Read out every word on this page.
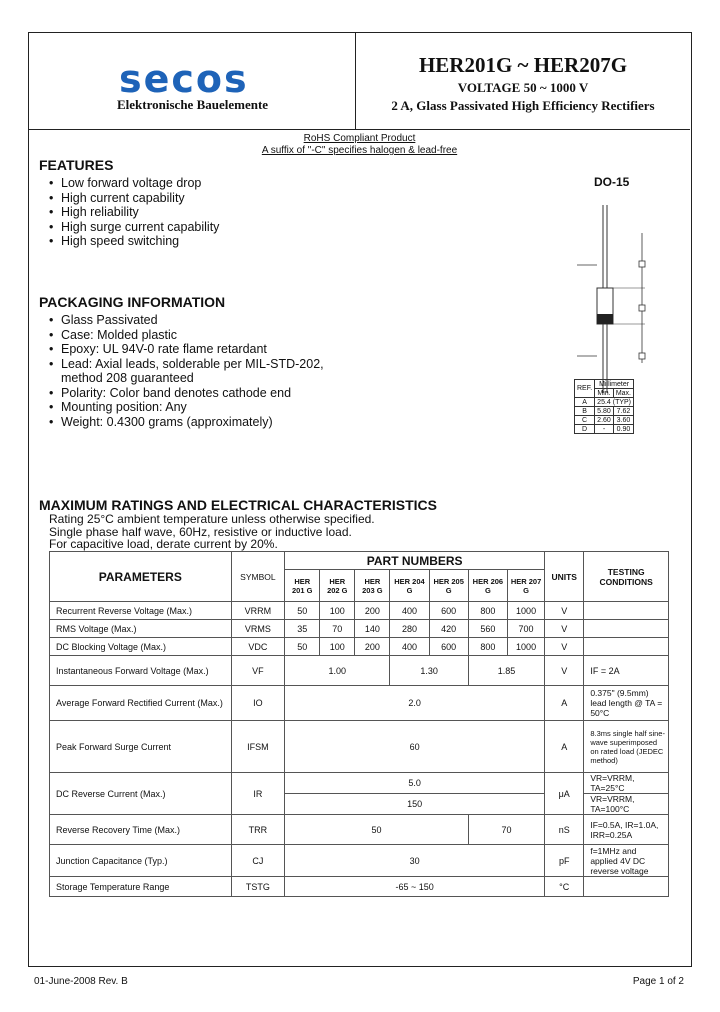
secos
Elektronische Bauelemente
HER201G ~ HER207G
VOLTAGE 50 ~ 1000 V
2 A, Glass Passivated High Efficiency Rectifiers
RoHS Compliant Product
A suffix of "-C" specifies halogen & lead-free
FEATURES
• Low forward voltage drop
• High current capability
• High reliability
• High surge current capability
• High speed switching
PACKAGING INFORMATION
• Glass Passivated
• Case: Molded plastic
• Epoxy: UL 94V-0 rate flame retardant
• Lead: Axial leads, solderable per MIL-STD-202,
method 208 guaranteed
• Polarity: Color band denotes cathode end
• Mounting position: Any
• Weight: 0.4300 grams (approximately)
DO-15
REF.	Millimeter	
	Min.	Max.
A	25.4 (TYP)	
B	5.80	7.62
C	2.60	3.60
D	-	0.90
MAXIMUM RATINGS AND ELECTRICAL CHARACTERISTICS
Rating 25°C ambient temperature unless otherwise specified.
Single phase half wave, 60Hz, resistive or inductive load.
For capacitive load, derate current by 20%.
PARAMETERS	SYMBOL	PART NUMBERS							UNITS	TESTING CONDITIONS
		HER 201 G	HER 202 G	HER 203 G	HER 204 G	HER 205 G	HER 206 G	HER 207 G		
Recurrent Reverse Voltage (Max.)	VRRM	50	100	200	400	600	800	1000	V	
RMS Voltage (Max.)	VRMS	35	70	140	280	420	560	700	V	
DC Blocking Voltage (Max.)	VDC	50	100	200	400	600	800	1000	V	
Instantaneous Forward Voltage (Max.)	VF	1.00			1.30		1.85		V	IF = 2A
Average Forward Rectified Current (Max.)	IO	2.0							A	0.375" (9.5mm) lead length @ TA = 50°C
Peak Forward Surge Current	IFSM	60							A	8.3ms single half sine-wave superimposed on rated load (JEDEC method)
DC Reverse Current (Max.)	IR	5.0							μA	VR=VRRM, TA=25°C
		150								VR=VRRM, TA=100°C
Reverse Recovery Time (Max.)	TRR	50					70		nS	IF=0.5A, IR=1.0A, IRR=0.25A
Junction Capacitance (Typ.)	CJ	30							pF	f=1MHz and applied 4V DC reverse voltage
Storage Temperature Range	TSTG	-65 ~ 150							°C	
01-June-2008 Rev. B	Page 1 of 2
